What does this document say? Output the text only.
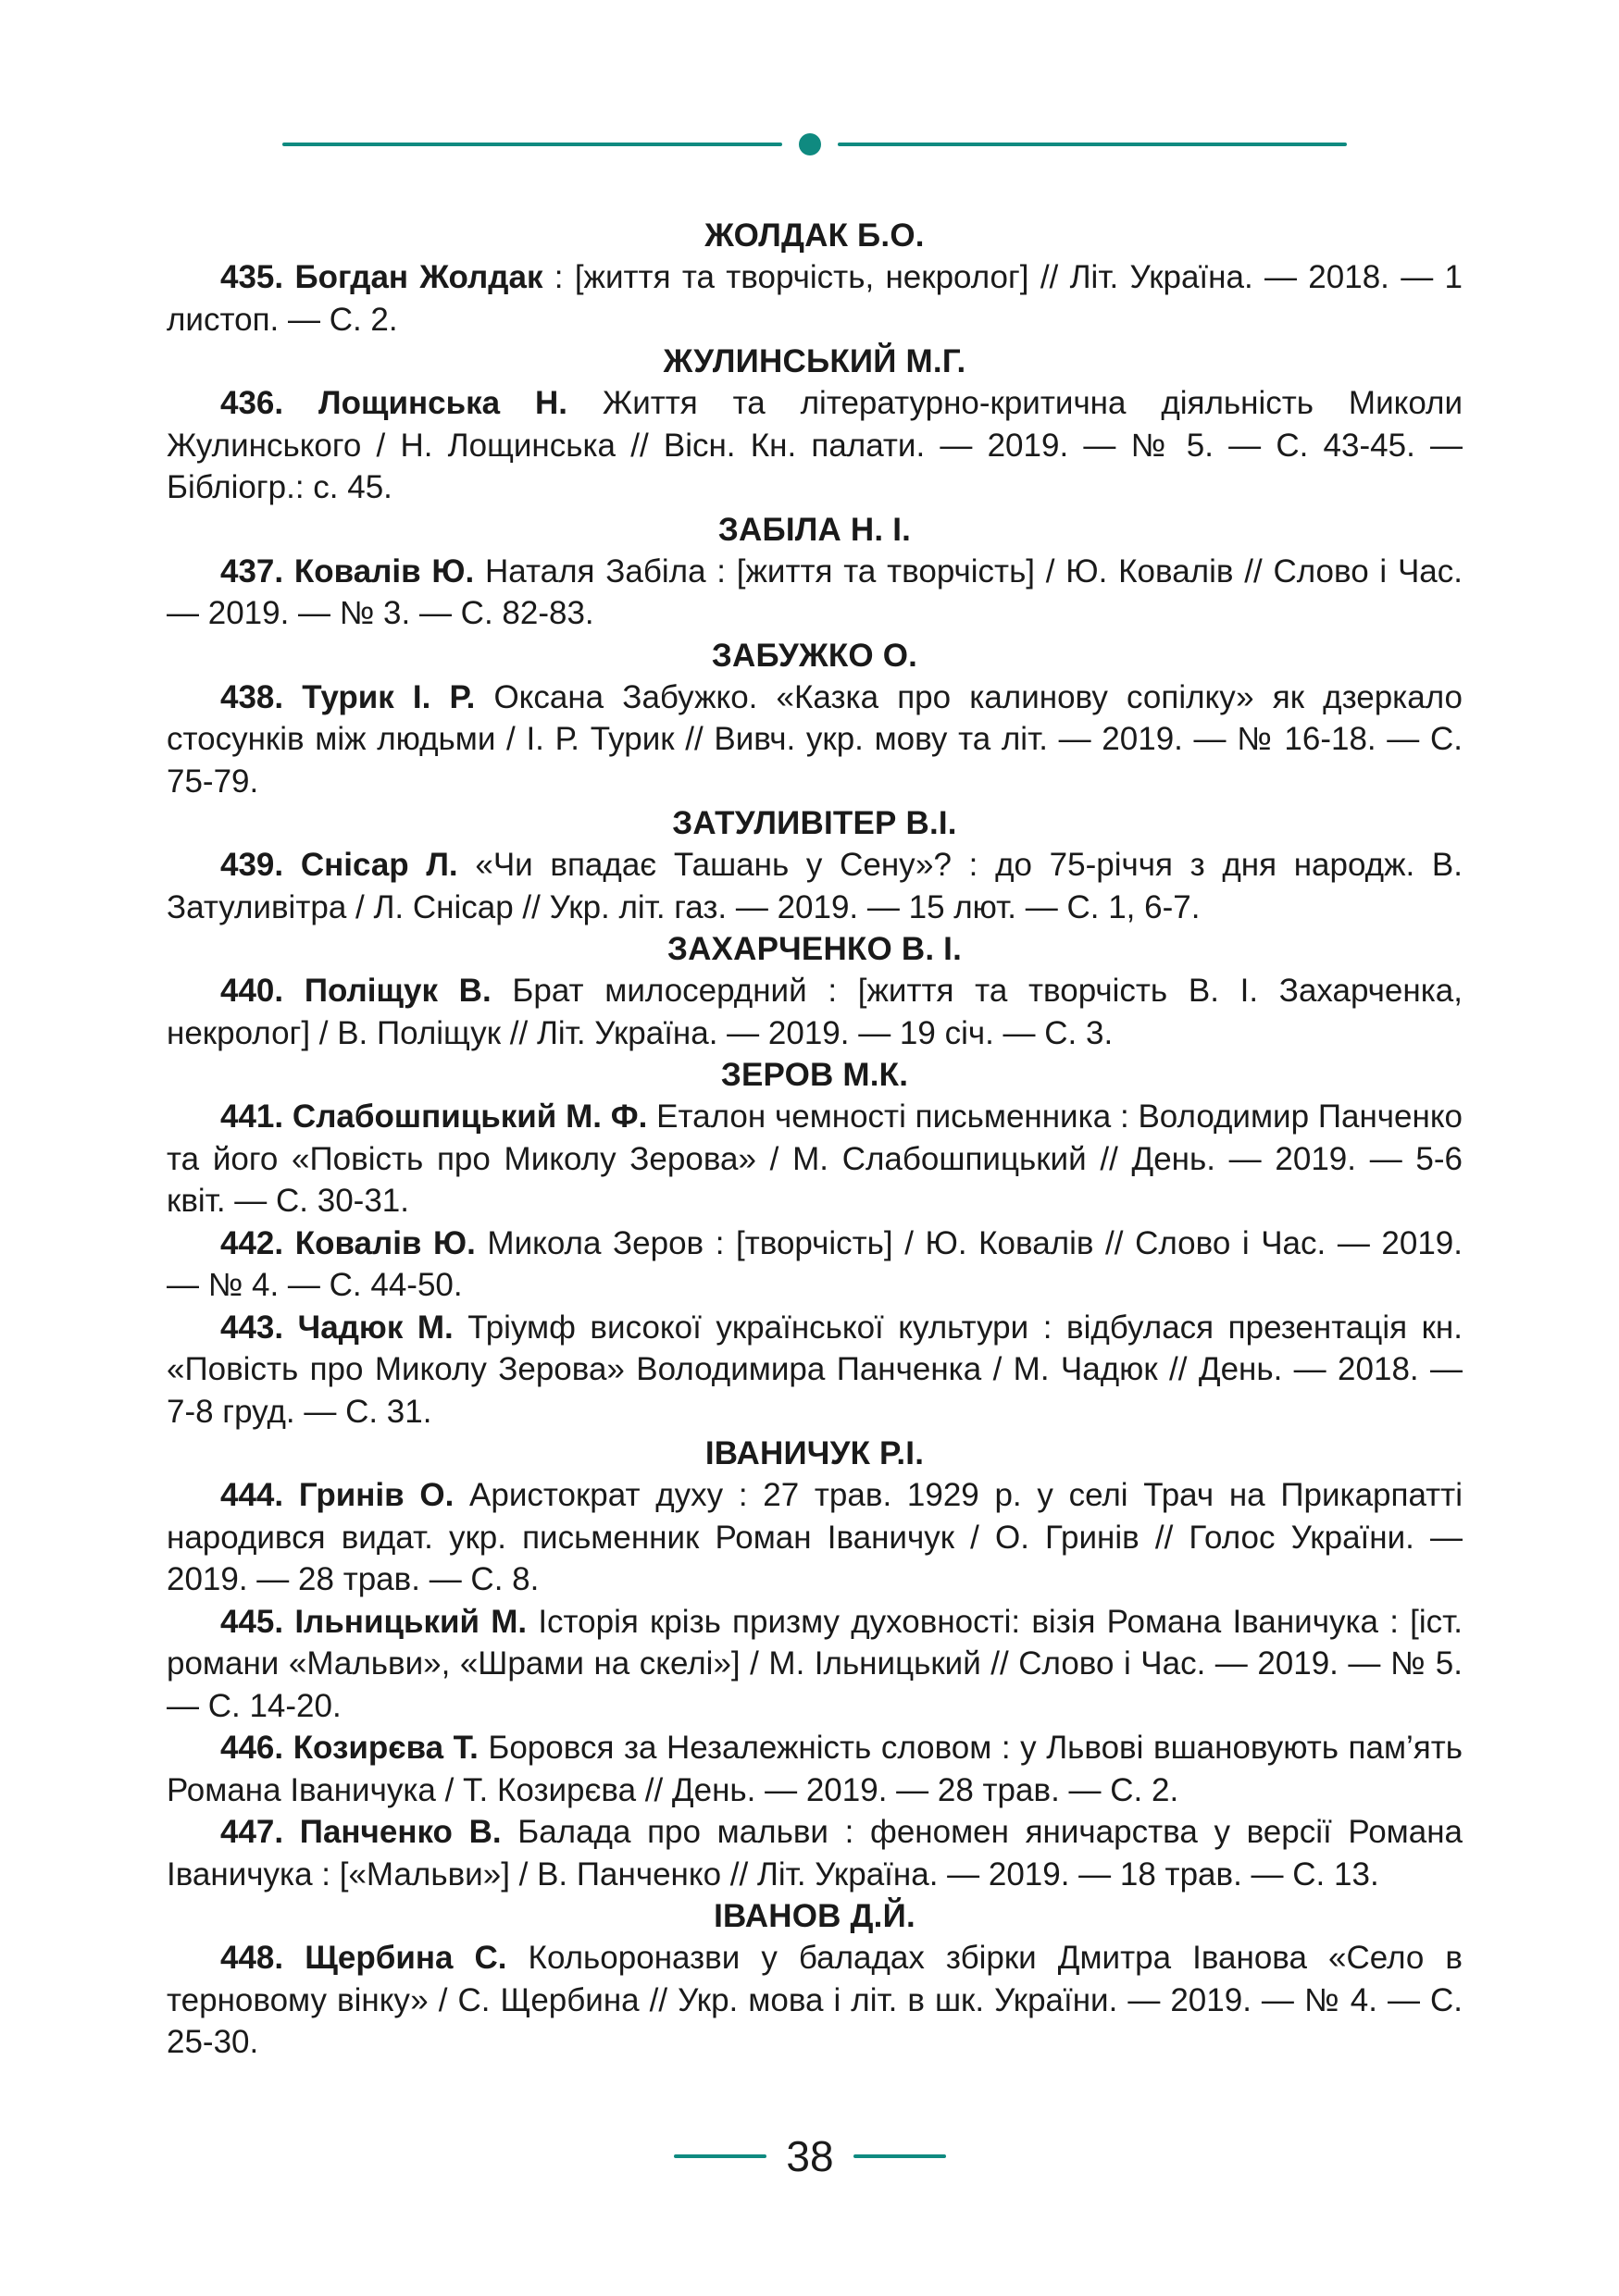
ЖОЛДАК Б.О.

435. Богдан Жолдак : [життя та творчість, некролог] // Літ. Україна. — 2018. — 1 листоп. — С. 2.

ЖУЛИНСЬКИЙ М.Г.

436. Лощинська Н. Життя та літературно-критична діяльність Миколи Жулинського / Н. Лощинська // Вісн. Кн. палати. — 2019. — № 5. — С. 43-45. — Бібліогр.: с. 45.

ЗАБІЛА Н. І.

437. Ковалів Ю. Наталя Забіла : [життя та творчість] / Ю. Ковалів // Слово і Час. — 2019. — № 3. — С. 82-83.

ЗАБУЖКО О.

438. Турик І. Р. Оксана Забужко. «Казка про калинову сопілку» як дзеркало стосунків між людьми / І. Р. Турик // Вивч. укр. мову та літ. — 2019. — № 16-18. — С. 75-79.

ЗАТУЛИВІТЕР В.І.

439. Снісар Л. «Чи впадає Ташань у Сену»? : до 75-річчя з дня народж. В. Затуливітра / Л. Снісар // Укр. літ. газ. — 2019. — 15 лют. — С. 1, 6-7.

ЗАХАРЧЕНКО В. І.

440. Поліщук В. Брат милосердний : [життя та творчість В. І. Захарченка, некролог] / В. Поліщук // Літ. Україна. — 2019. — 19 січ. — С. 3.

ЗЕРОВ М.К.

441. Слабошпицький М. Ф. Еталон чемності письменника : Володимир Панченко та його «Повість про Миколу Зерова» / М. Слабошпицький // День. — 2019. — 5-6 квіт. — С. 30-31.

442. Ковалів Ю. Микола Зеров : [творчість] / Ю. Ковалів // Слово і Час. — 2019. — № 4. — С. 44-50.

443. Чадюк М. Тріумф високої української культури : відбулася презентація кн. «Повість про Миколу Зерова» Володимира Панченка / М. Чадюк // День. — 2018. — 7-8 груд. — С. 31.

ІВАНИЧУК Р.І.

444. Гринів О. Аристократ духу : 27 трав. 1929 р. у селі Трач на Прикарпатті народився видат. укр. письменник Роман Іваничук / О. Гринів // Голос України. — 2019. — 28 трав. — С. 8.

445. Ільницький М. Історія крізь призму духовності: візія Романа Іваничука : [іст. романи «Мальви», «Шрами на скелі»] / М. Ільницький // Слово і Час. — 2019. — № 5. — С. 14-20.

446. Козирєва Т. Боровся за Незалежність словом : у Львові вшановують пам’ять Романа Іваничука / Т. Козирєва // День. — 2019. — 28 трав. — С. 2.

447. Панченко В. Балада про мальви : феномен яничарства у версії Романа Іваничука : [«Мальви»] / В. Панченко // Літ. Україна. — 2019. — 18 трав. — С. 13.

ІВАНОВ Д.Й.

448. Щербина С. Кольороназви у баладах збірки Дмитра Іванова «Село в терновому вінку» / С. Щербина // Укр. мова і літ. в шк. України. — 2019. — № 4. — С. 25-30.

38
